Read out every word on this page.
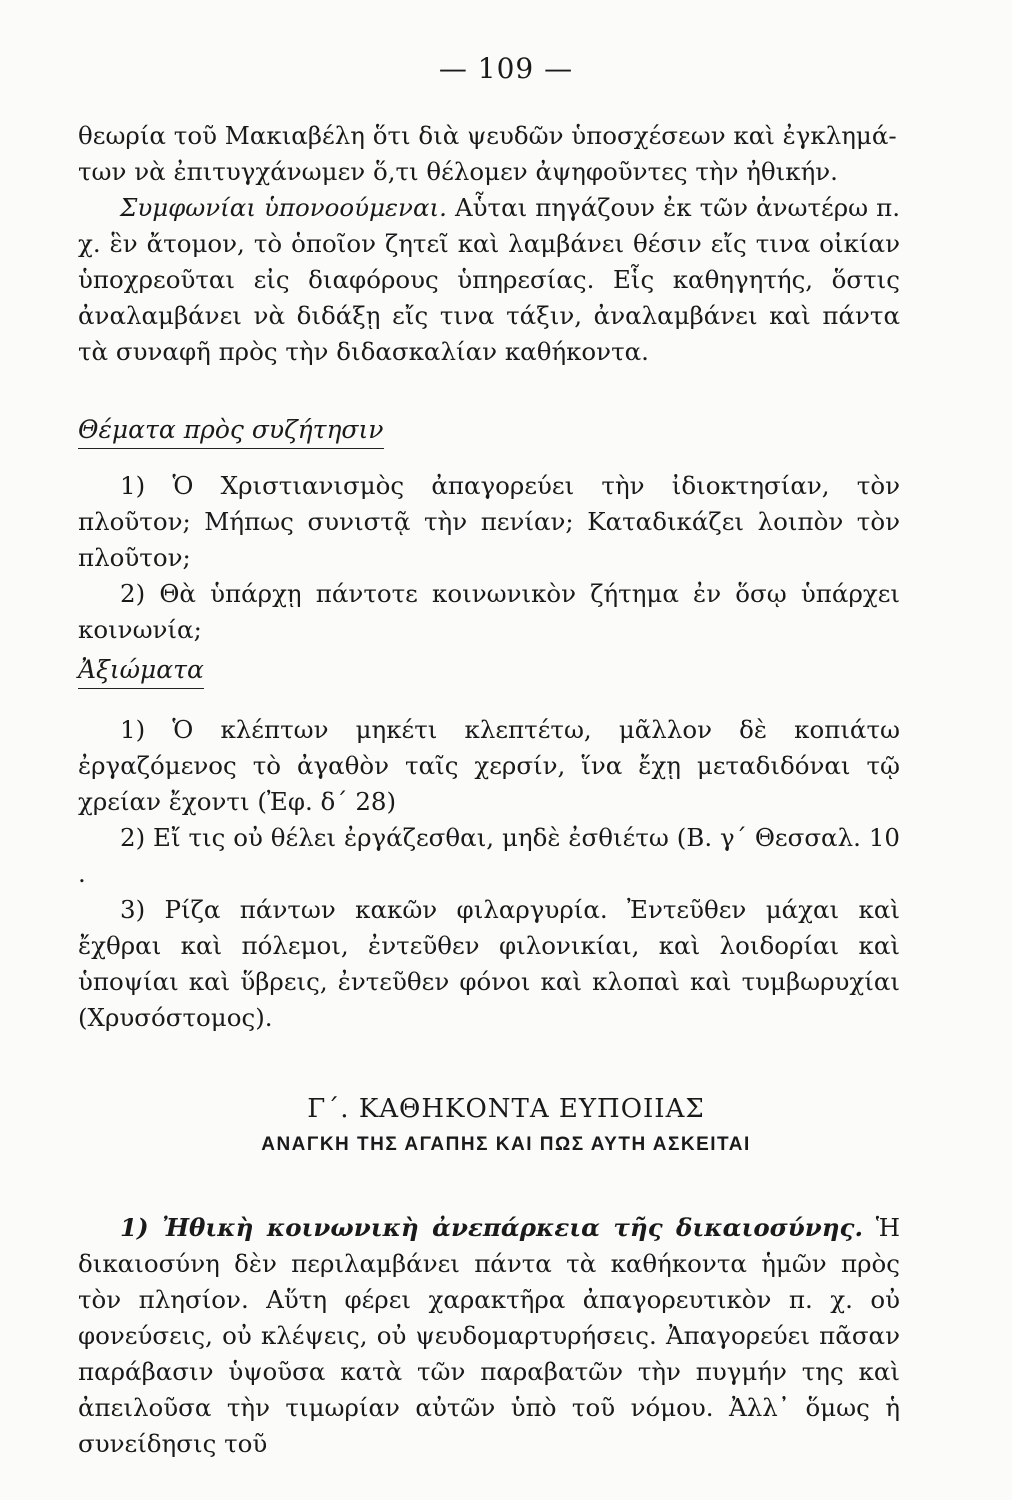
— 109 —

θεωρία τοῦ Μακιαβέλη ὅτι διὰ ψευδῶν ὑποσχέσεων καὶ ἐγκλημά-

των νὰ ἐπιτυγχάνωμεν ὅ,τι θέλομεν ἀψηφοῦντες τὴν ἠθικήν.

Συμφωνίαι ὑπονοούμεναι. Αὗται πηγάζουν ἐκ τῶν ἀνωτέρω π. χ. ἓν ἄτομον, τὸ ὁποῖον ζητεῖ καὶ λαμβάνει θέσιν εἴς τινα οἰκίαν ὑποχρεοῦται εἰς διαφόρους ὑπηρεσίας. Εἷς καθηγητής, ὅστις ἀναλαμβάνει νὰ διδάξῃ εἴς τινα τάξιν, ἀναλαμβάνει καὶ πάντα τὰ συναφῆ πρὸς τὴν διδασκαλίαν καθήκοντα.

Θέματα πρὸς συζήτησιν

1) Ὁ Χριστιανισμὸς ἀπαγορεύει τὴν ἰδιοκτησίαν, τὸν πλοῦτον; Μήπως συνιστᾷ τὴν πενίαν; Καταδικάζει λοιπὸν τὸν πλοῦτον;

2) Θὰ ὑπάρχῃ πάντοτε κοινωνικὸν ζήτημα ἐν ὅσῳ ὑπάρχει κοινωνία;

Ἀξιώματα

1) Ὁ κλέπτων μηκέτι κλεπτέτω, μᾶλλον δὲ κοπιάτω ἐργαζόμενος τὸ ἀγαθὸν ταῖς χερσίν, ἵνα ἔχῃ μεταδιδόναι τῷ χρείαν ἔχοντι (Ἐφ. δ΄ 28)

2) Εἴ τις οὐ θέλει ἐργάζεσθαι, μηδὲ ἐσθιέτω (Β. γ΄ Θεσσαλ. 10 .

3) Ρίζα πάντων κακῶν φιλαργυρία. Ἐντεῦθεν μάχαι καὶ ἔχθραι καὶ πόλεμοι, ἐντεῦθεν φιλονικίαι, καὶ λοιδορίαι καὶ ὑποψίαι καὶ ὕβρεις, ἐντεῦθεν φόνοι καὶ κλοπαὶ καὶ τυμβωρυχίαι (Χρυσόστομος).

Γ΄. ΚΑΘΗΚΟΝΤΑ ΕΥΠΟΙΙΑΣ
ΑΝΑΓΚΗ ΤΗΣ ΑΓΑΠΗΣ ΚΑΙ ΠΩΣ ΑΥΤΗ ΑΣΚΕΙΤΑΙ

1) Ἠθικὴ κοινωνικὴ ἀνεπάρκεια τῆς δικαιοσύνης. Ἡ δικαιοσύνη δὲν περιλαμβάνει πάντα τὰ καθήκοντα ἡμῶν πρὸς τὸν πλησίον. Αὕτη φέρει χαρακτῆρα ἀπαγορευτικὸν π. χ. οὐ φονεύσεις, οὐ κλέψεις, οὐ ψευδομαρτυρήσεις. Ἀπαγορεύει πᾶσαν παράβασιν ὑψοῦσα κατὰ τῶν παραβατῶν τὴν πυγμήν της καὶ ἀπειλοῦσα τὴν τιμωρίαν αὐτῶν ὑπὸ τοῦ νόμου. Ἀλλ᾿ ὅμως ἡ συνείδησις τοῦ
